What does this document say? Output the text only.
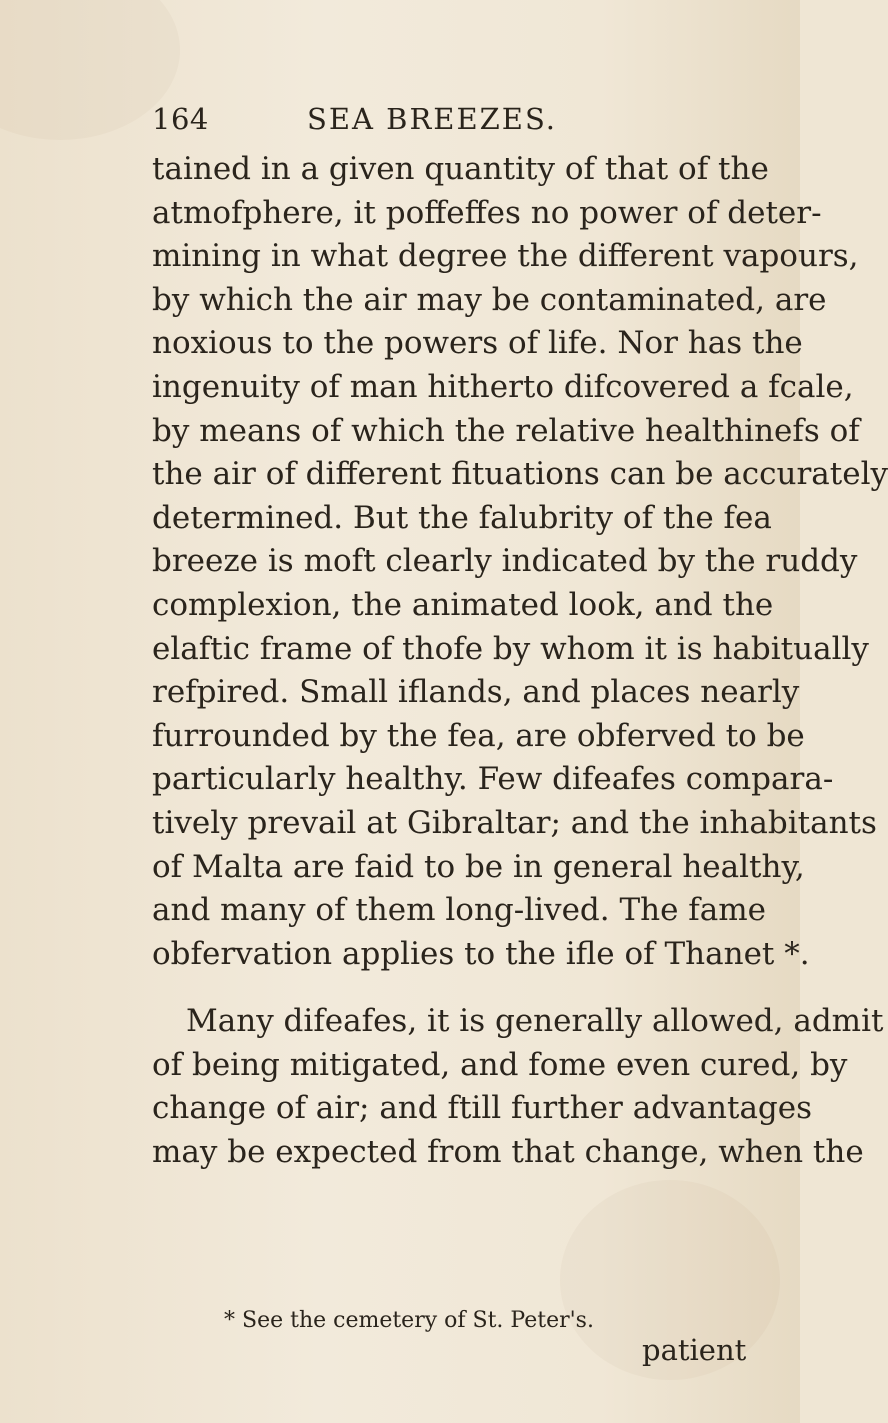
164	SEA BREEZES.
tained in a given quantity of that of the
atmofphere, it poffeffes no power of deter-
mining in what degree the different vapours,
by which the air may be contaminated, are
noxious to the powers of life. Nor has the
ingenuity of man hitherto difcovered a fcale,
by means of which the relative healthinefs of
the air of different fituations can be accurately
determined. But the falubrity of the fea
breeze is moft clearly indicated by the ruddy
complexion, the animated look, and the
elaftic frame of thofe by whom it is habitually
refpired. Small iflands, and places nearly
furrounded by the fea, are obferved to be
particularly healthy. Few difeafes compara-
tively prevail at Gibraltar; and the inhabitants
of Malta are faid to be in general healthy,
and many of them long-lived. The fame
obfervation applies to the ifle of Thanet *.
Many difeafes, it is generally allowed, admit
of being mitigated, and fome even cured, by
change of air; and ftill further advantages
may be expected from that change, when the
* See the cemetery of St. Peter's.
patient
